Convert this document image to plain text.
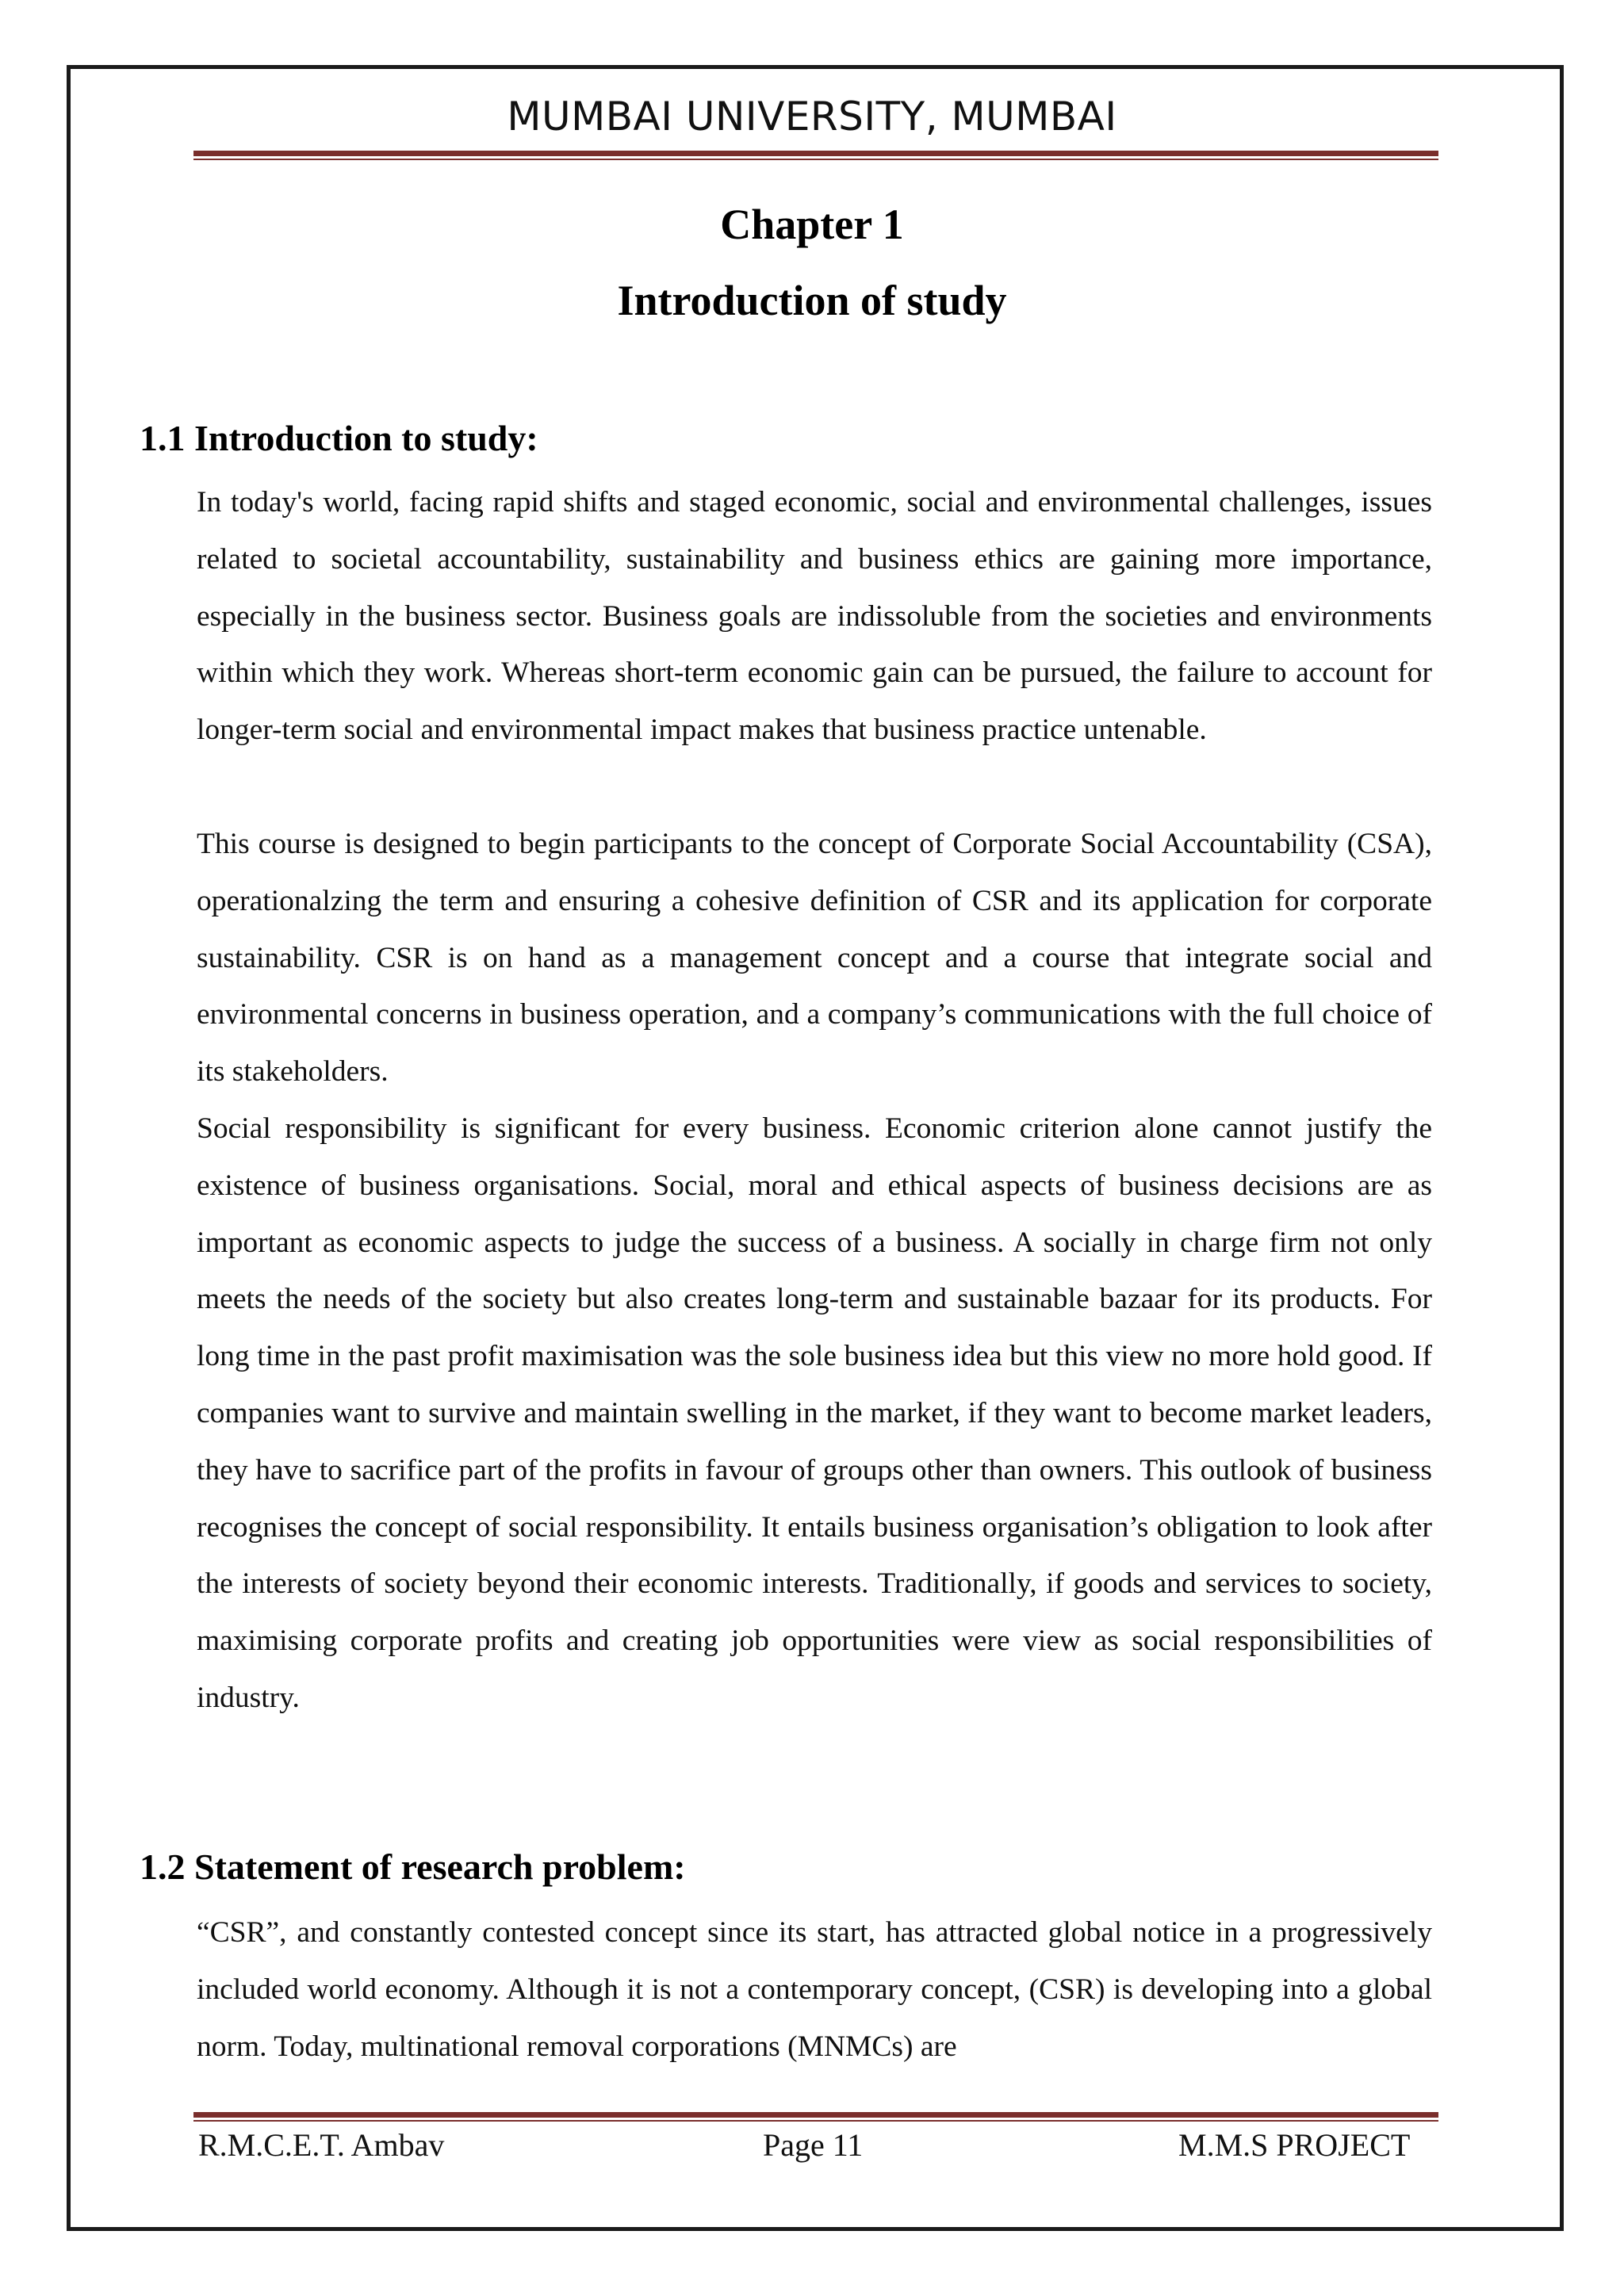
MUMBAI UNIVERSITY, MUMBAI
Chapter 1
Introduction of study
1.1 Introduction to study:

In today's world, facing rapid shifts and staged economic, social and environmental challenges, issues related to societal accountability, sustainability and business ethics are gaining more importance, especially in the business sector. Business goals are indissoluble from the societies and environments within which they work. Whereas short-term economic gain can be pursued, the failure to account for longer-term social and environmental impact makes that business practice untenable.

This course is designed to begin participants to the concept of Corporate Social Accountability (CSA), operationalzing the term and ensuring a cohesive definition of CSR and its application for corporate sustainability. CSR is on hand as a management concept and a course that integrate social and environmental concerns in business operation, and a company’s communications with the full choice of its stakeholders.

Social responsibility is significant for every business. Economic criterion alone cannot justify the existence of business organisations. Social, moral and ethical aspects of business decisions are as important as economic aspects to judge the success of a business. A socially in charge firm not only meets the needs of the society but also creates long-term and sustainable bazaar for its products. For long time in the past profit maximisation was the sole business idea but this view no more hold good. If companies want to survive and maintain swelling in the market, if they want to become market leaders, they have to sacrifice part of the profits in favour of groups other than owners. This outlook of business recognises the concept of social responsibility. It entails business organisation’s obligation to look after the interests of society beyond their economic interests. Traditionally, if goods and services to society, maximising corporate profits and creating job opportunities were view as social responsibilities of industry.

1.2 Statement of research problem:

“CSR”, and constantly contested concept since its start, has attracted global notice in a progressively included world economy. Although it is not a contemporary concept, (CSR) is developing into a global norm. Today, multinational removal corporations (MNMCs) are

R.M.C.E.T. Ambav	Page 11	M.M.S PROJECT
